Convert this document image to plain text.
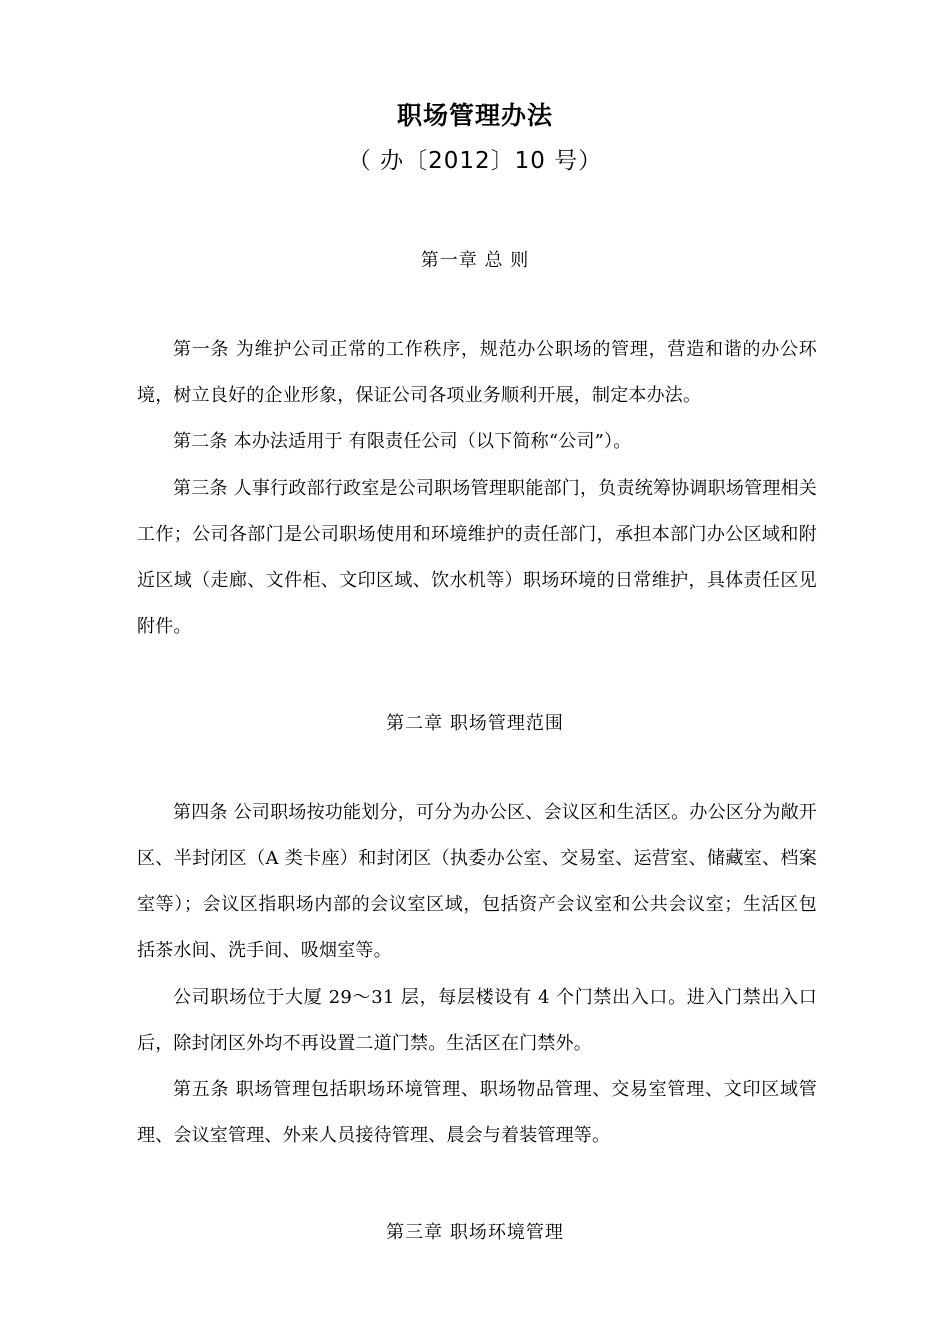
职场管理办法
（ 办〔2012〕10 号）
第一章 总 则

第一条 为维护公司正常的工作秩序，规范办公职场的管理，营造和谐的办公环境，树立良好的企业形象，保证公司各项业务顺利开展，制定本办法。

第二条 本办法适用于 有限责任公司（以下简称“公司”）。

第三条 人事行政部行政室是公司职场管理职能部门，负责统筹协调职场管理相关工作；公司各部门是公司职场使用和环境维护的责任部门，承担本部门办公区域和附近区域（走廊、文件柜、文印区域、饮水机等）职场环境的日常维护，具体责任区见附件。

第二章 职场管理范围

第四条 公司职场按功能划分，可分为办公区、会议区和生活区。办公区分为敞开区、半封闭区（A 类卡座）和封闭区（执委办公室、交易室、运营室、储藏室、档案室等）；会议区指职场内部的会议室区域，包括资产会议室和公共会议室；生活区包括茶水间、洗手间、吸烟室等。

公司职场位于大厦 29～31 层，每层楼设有 4 个门禁出入口。进入门禁出入口后，除封闭区外均不再设置二道门禁。生活区在门禁外。

第五条 职场管理包括职场环境管理、职场物品管理、交易室管理、文印区域管理、会议室管理、外来人员接待管理、晨会与着装管理等。

第三章 职场环境管理
